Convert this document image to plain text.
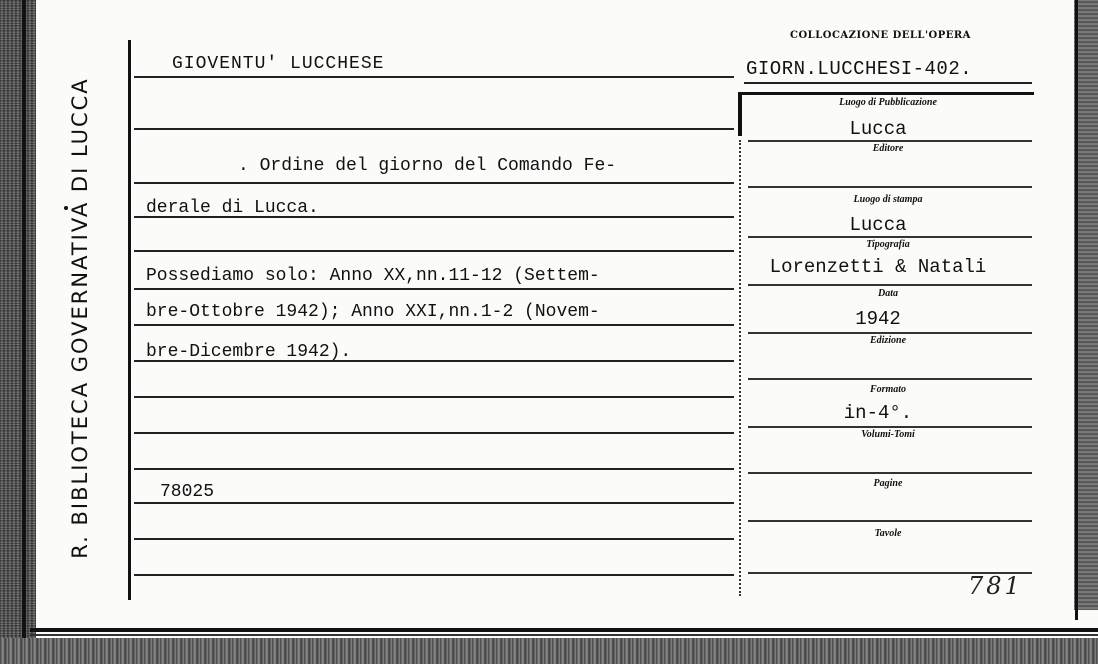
R. BIBLIOTECA GOVERNATIVA DI LUCCA
GIOVENTU' LUCCHESE
. Ordine del giorno del Comando Fe-
derale di Lucca.
Possediamo solo: Anno XX,nn.11-12 (Settem-
bre-Ottobre 1942); Anno XXI,nn.1-2 (Novem-
bre-Dicembre 1942).
78025
COLLOCAZIONE DELL'OPERA
GIORN.LUCCHESI-402.
Luogo di Pubblicazione
Lucca
Editore
Luogo di stampa
Lucca
Tipografia
Lorenzetti & Natali
Data
1942
Edizione
Formato
in-4°.
Volumi-Tomi
Pagine
Tavole
781
